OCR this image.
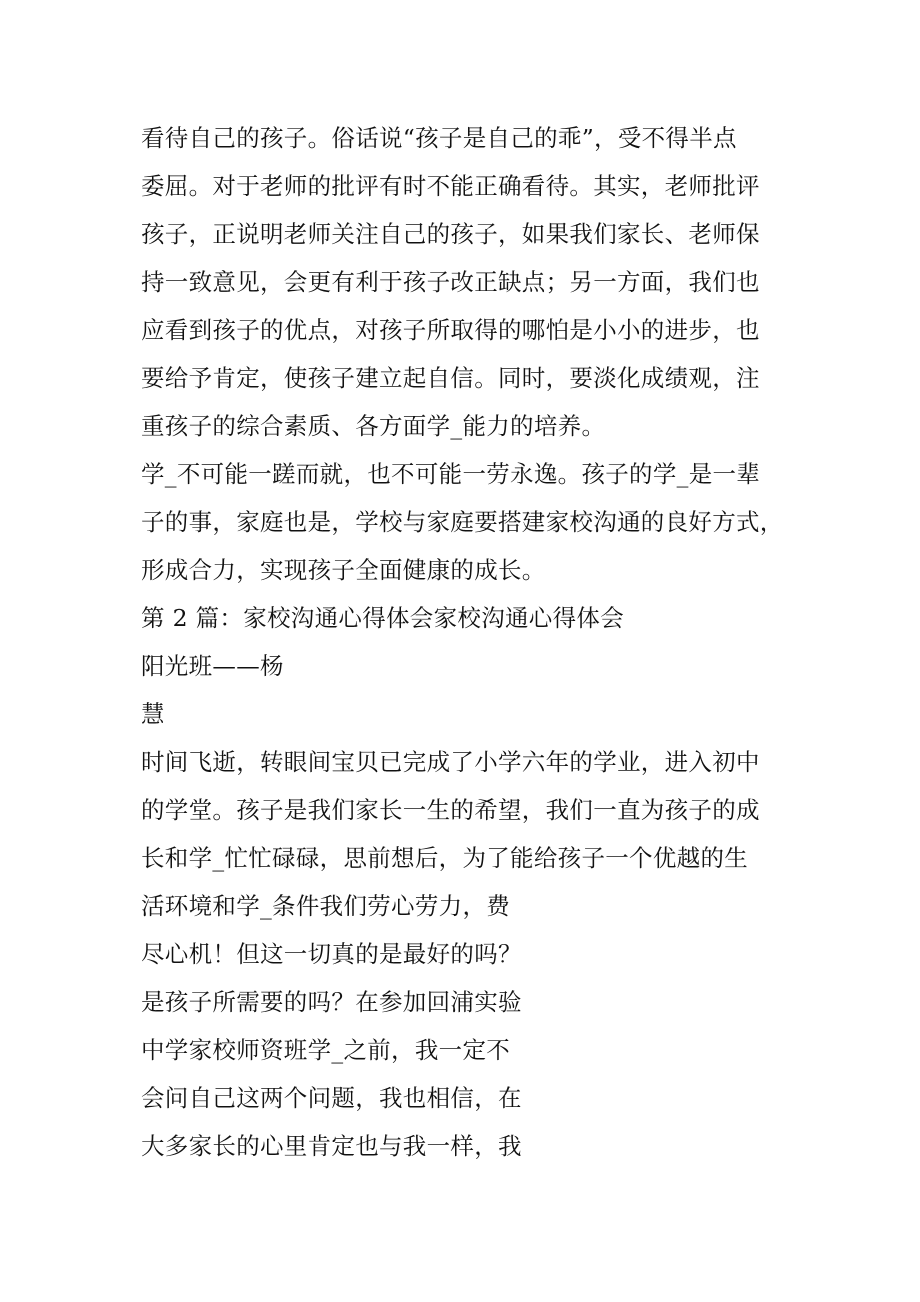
看待自己的孩子。俗话说“孩子是自己的乖”，受不得半点
委屈。对于老师的批评有时不能正确看待。其实，老师批评
孩子，正说明老师关注自己的孩子，如果我们家长、老师保
持一致意见，会更有利于孩子改正缺点；另一方面，我们也
应看到孩子的优点，对孩子所取得的哪怕是小小的进步，也
要给予肯定，使孩子建立起自信。同时，要淡化成绩观，注
重孩子的综合素质、各方面学_能力的培养。
学_不可能一蹉而就，也不可能一劳永逸。孩子的学_是一辈
子的事，家庭也是，学校与家庭要搭建家校沟通的良好方式，
形成合力，实现孩子全面健康的成长。
第 2 篇：家校沟通心得体会家校沟通心得体会
阳光班——杨
慧
时间飞逝，转眼间宝贝已完成了小学六年的学业，进入初中
的学堂。孩子是我们家长一生的希望，我们一直为孩子的成
长和学_忙忙碌碌，思前想后，为了能给孩子一个优越的生
活环境和学_条件我们劳心劳力，费
尽心机！但这一切真的是最好的吗？
是孩子所需要的吗？在参加回浦实验
中学家校师资班学_之前，我一定不
会问自己这两个问题，我也相信，在
大多家长的心里肯定也与我一样，我
